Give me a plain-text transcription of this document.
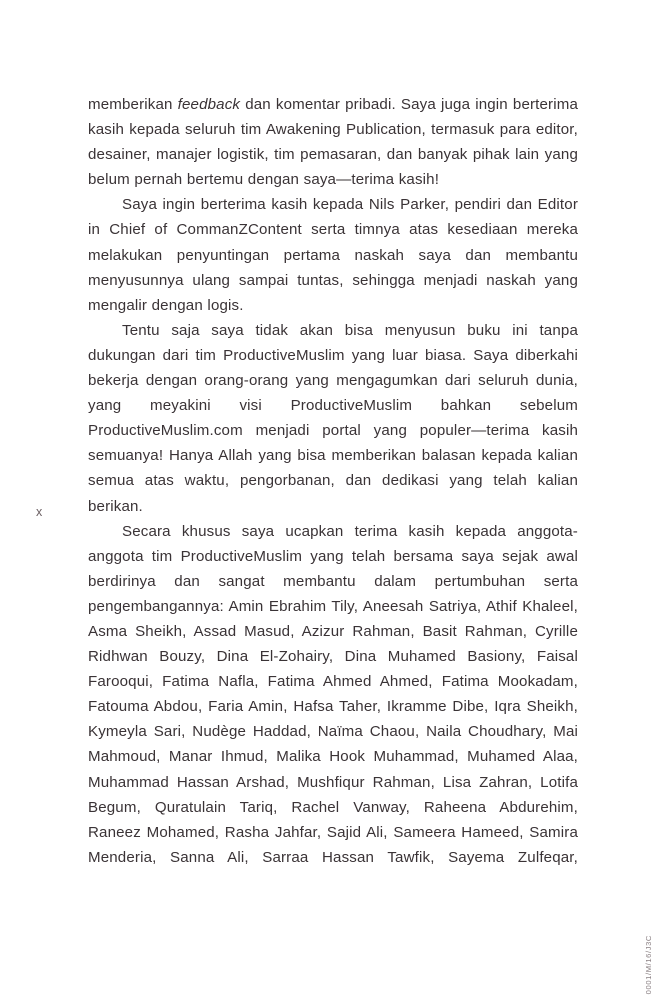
memberikan feedback dan komentar pribadi. Saya juga ingin berterima kasih kepada seluruh tim Awakening Publication, termasuk para editor, desainer, manajer logistik, tim pemasaran, dan banyak pihak lain yang belum pernah bertemu dengan saya—terima kasih!

Saya ingin berterima kasih kepada Nils Parker, pendiri dan Editor in Chief of CommanZContent serta timnya atas kesediaan mereka melakukan penyuntingan pertama naskah saya dan membantu menyusunnya ulang sampai tuntas, sehingga menjadi naskah yang mengalir dengan logis.

Tentu saja saya tidak akan bisa menyusun buku ini tanpa dukungan dari tim ProductiveMuslim yang luar biasa. Saya diberkahi bekerja dengan orang-orang yang mengagumkan dari seluruh dunia, yang meyakini visi ProductiveMuslim bahkan sebelum ProductiveMuslim.com menjadi portal yang populer—terima kasih semuanya! Hanya Allah yang bisa memberikan balasan kepada kalian semua atas waktu, pengorbanan, dan dedikasi yang telah kalian berikan.

Secara khusus saya ucapkan terima kasih kepada anggota-anggota tim ProductiveMuslim yang telah bersama saya sejak awal berdirinya dan sangat membantu dalam pertumbuhan serta pengembangannya: Amin Ebrahim Tily, Aneesah Satriya, Athif Khaleel, Asma Sheikh, Assad Masud, Azizur Rahman, Basit Rahman, Cyrille Ridhwan Bouzy, Dina El-Zohairy, Dina Muhamed Basiony, Faisal Farooqui, Fatima Nafla, Fatima Ahmed Ahmed, Fatima Mookadam, Fatouma Abdou, Faria Amin, Hafsa Taher, Ikramme Dibe, Iqra Sheikh, Kymeyla Sari, Nudège Haddad, Naïma Chaou, Naila Choudhary, Mai Mahmoud, Manar Ihmud, Malika Hook Muhammad, Muhamed Alaa, Muhammad Hassan Arshad, Mushfiqur Rahman, Lisa Zahran, Lotifa Begum, Quratulain Tariq, Rachel Vanway, Raheena Abdurehim, Raneez Mohamed, Rasha Jahfar, Sajid Ali, Sameera Hameed, Samira Menderia, Sanna Ali, Sarraa Hassan Tawfik, Sayema Zulfeqar,

x
0001/M/16/J3C
